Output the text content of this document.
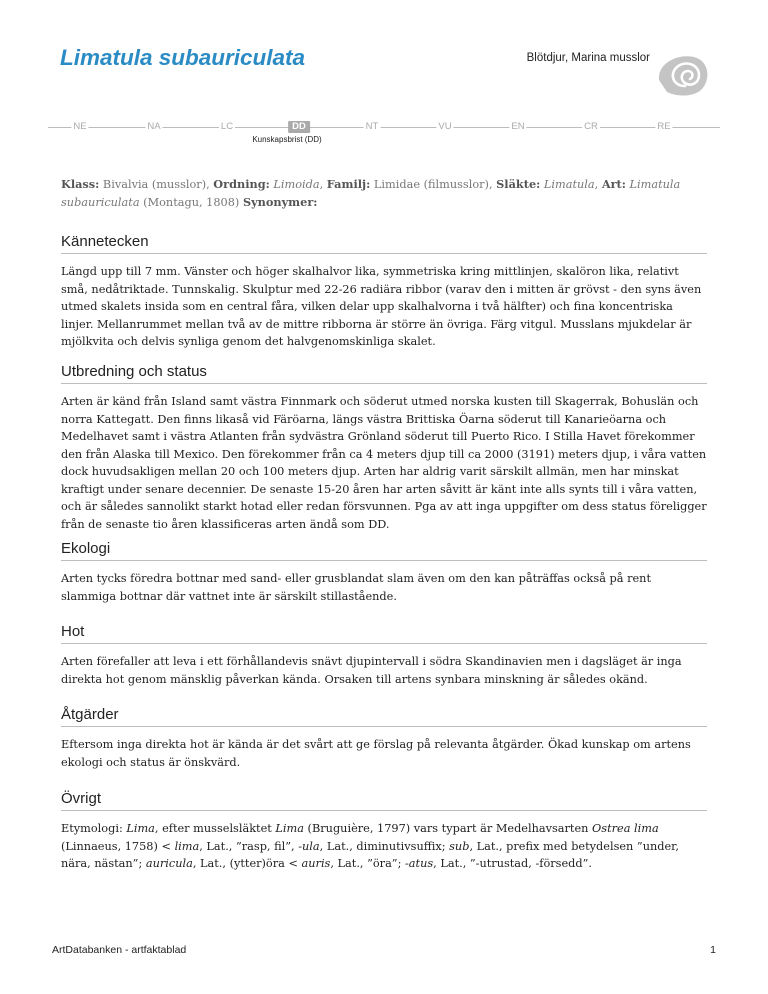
Limatula subauriculata	Blötdjur, Marina musslor
NE	NA	LC	DD	NT	VU	EN	CR	RE
Kunskapsbrist (DD)
Klass: Bivalvia (musslor), Ordning: Limoida, Familj: Limidae (filmusslor), Släkte: Limatula, Art: Limatula subauriculata (Montagu, 1808) Synonymer:
Kännetecken

Längd upp till 7 mm. Vänster och höger skalhalvor lika, symmetriska kring mittlinjen, skalöron lika, relativt små, nedåtriktade. Tunnskalig. Skulptur med 22-26 radiära ribbor (varav den i mitten är grövst - den syns även utmed skalets insida som en central fåra, vilken delar upp skalhalvorna i två hälfter) och fina koncentriska linjer. Mellanrummet mellan två av de mittre ribborna är större än övriga. Färg vitgul. Musslans mjukdelar är mjölkvita och delvis synliga genom det halvgenomskinliga skalet.

Utbredning och status

Arten är känd från Island samt västra Finnmark och söderut utmed norska kusten till Skagerrak, Bohuslän och norra Kattegatt. Den finns likaså vid Färöarna, längs västra Brittiska Öarna söderut till Kanarieöarna och Medelhavet samt i västra Atlanten från sydvästra Grönland söderut till Puerto Rico. I Stilla Havet förekommer den från Alaska till Mexico. Den förekommer från ca 4 meters djup till ca 2000 (3191) meters djup, i våra vatten dock huvudsakligen mellan 20 och 100 meters djup. Arten har aldrig varit särskilt allmän, men har minskat kraftigt under senare decennier. De senaste 15-20 åren har arten såvitt är känt inte alls synts till i våra vatten, och är således sannolikt starkt hotad eller redan försvunnen. Pga av att inga uppgifter om dess status föreligger från de senaste tio åren klassificeras arten ändå som DD.

Ekologi

Arten tycks föredra bottnar med sand- eller grusblandat slam även om den kan påträffas också på rent slammiga bottnar där vattnet inte är särskilt stillastående.

Hot

Arten förefaller att leva i ett förhållandevis snävt djupintervall i södra Skandinavien men i dagsläget är inga direkta hot genom mänsklig påverkan kända. Orsaken till artens synbara minskning är således okänd.

Åtgärder

Eftersom inga direkta hot är kända är det svårt att ge förslag på relevanta åtgärder. Ökad kunskap om artens ekologi och status är önskvärd.

Övrigt

Etymologi: Lima, efter musselsläktet Lima (Bruguière, 1797) vars typart är Medelhavsarten Ostrea lima (Linnaeus, 1758) < lima, Lat., ”rasp, fil”, -ula, Lat., diminutivsuffix; sub, Lat., prefix med betydelsen ”under, nära, nästan”; auricula, Lat., (ytter)öra < auris, Lat., ”öra”; -atus, Lat., ”-utrustad, -försedd”.

ArtDatabanken - artfaktablad	1
